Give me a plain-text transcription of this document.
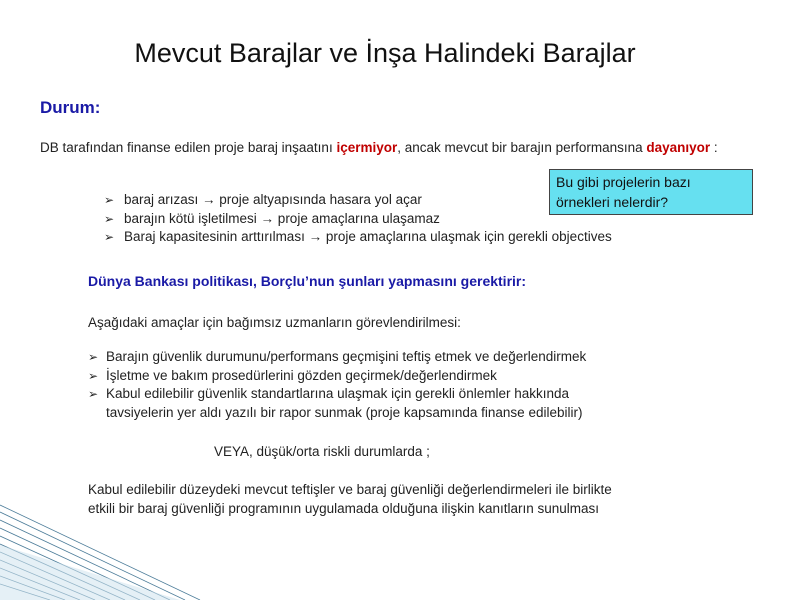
Mevcut Barajlar ve İnşa Halindeki Barajlar
Durum:
DB tarafından finanse edilen proje baraj inşaatını içermiyor, ancak mevcut bir barajın performansına dayanıyor :
➢ baraj arızası → proje altyapısında hasara yol açar
➢ barajın kötü işletilmesi → proje amaçlarına ulaşamaz
➢ Baraj kapasitesinin arttırılması → proje amaçlarına ulaşmak için gerekli objectives
Bu gibi projelerin bazı
örnekleri nelerdir?
Dünya Bankası politikası, Borçlu’nun şunları yapmasını gerektirir:
Aşağıdaki amaçlar için bağımsız uzmanların görevlendirilmesi:
➢ Barajın güvenlik durumunu/performans geçmişini teftiş etmek ve değerlendirmek
➢ İşletme ve bakım prosedürlerini gözden geçirmek/değerlendirmek
➢ Kabul edilebilir güvenlik standartlarına ulaşmak için gerekli önlemler hakkında
tavsiyelerin yer aldı yazılı bir rapor sunmak (proje kapsamında finanse edilebilir)
VEYA, düşük/orta riskli durumlarda ;
Kabul edilebilir düzeydeki mevcut teftişler ve baraj güvenliği değerlendirmeleri ile birlikte
etkili bir baraj güvenliği programının uygulamada olduğuna ilişkin kanıtların sunulması
